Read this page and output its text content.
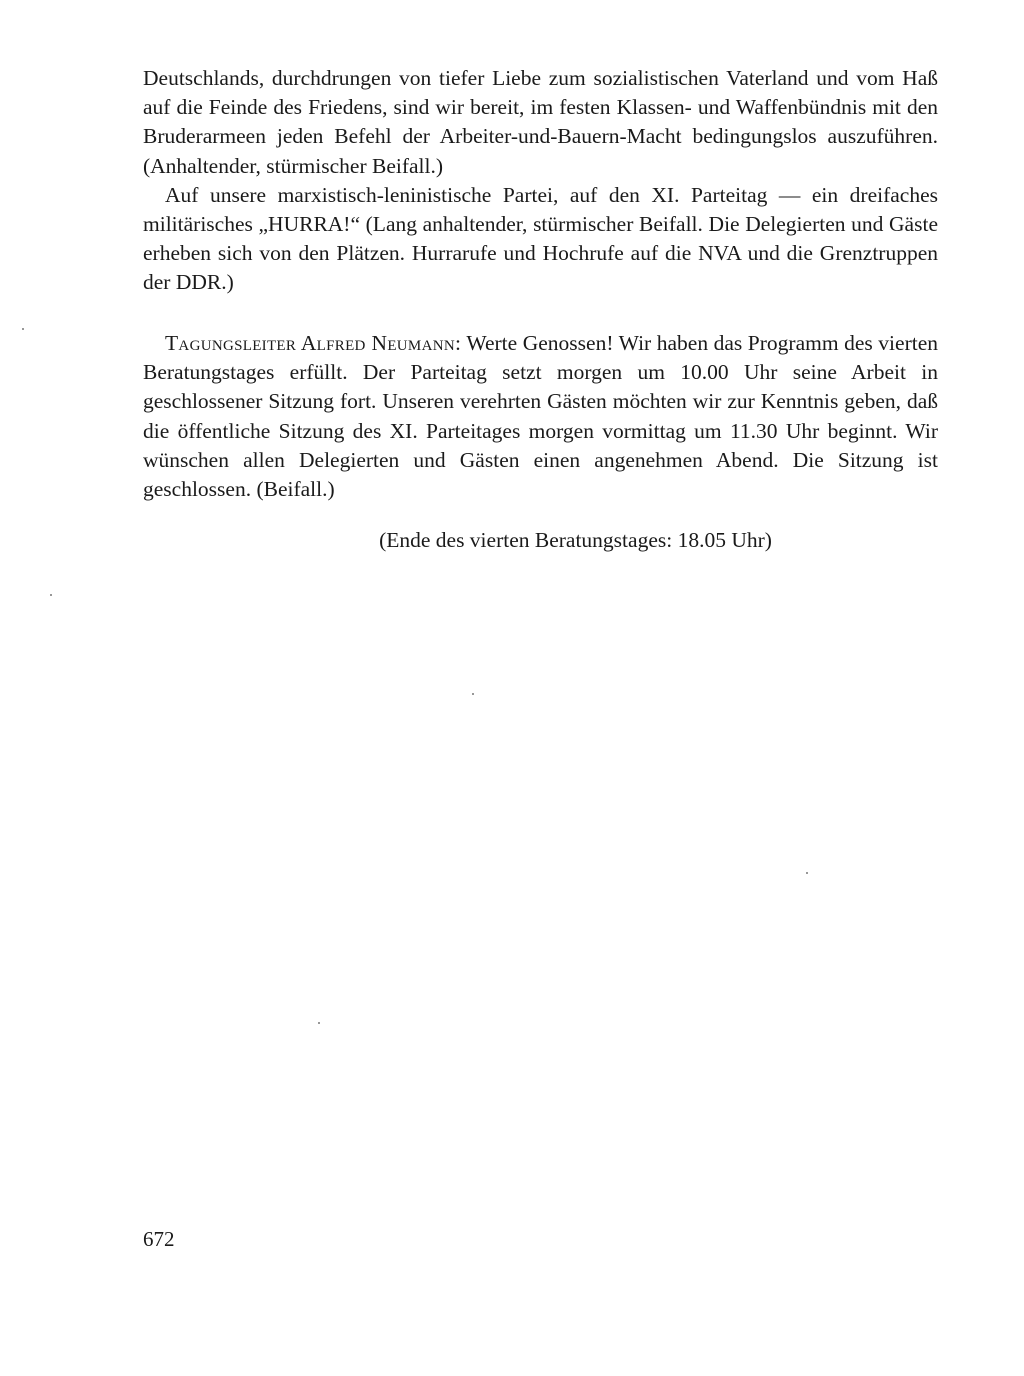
Deutschlands, durchdrungen von tiefer Liebe zum sozialistischen Vaterland und vom Haß auf die Feinde des Friedens, sind wir bereit, im festen Klassen- und Waffenbündnis mit den Bruderarmeen jeden Befehl der Arbeiter-und-Bauern-Macht bedingungslos auszuführen. (Anhaltender, stürmischer Beifall.)

Auf unsere marxistisch-leninistische Partei, auf den XI. Parteitag — ein dreifaches militärisches „HURRA!“ (Lang anhaltender, stürmischer Beifall. Die Delegierten und Gäste erheben sich von den Plätzen. Hurrarufe und Hochrufe auf die NVA und die Grenztruppen der DDR.)

Tagungsleiter Alfred Neumann: Werte Genossen! Wir haben das Programm des vierten Beratungstages erfüllt. Der Parteitag setzt morgen um 10.00 Uhr seine Arbeit in geschlossener Sitzung fort. Unseren verehrten Gästen möchten wir zur Kenntnis geben, daß die öffentliche Sitzung des XI. Parteitages morgen vormittag um 11.30 Uhr beginnt. Wir wünschen allen Delegierten und Gästen einen angenehmen Abend. Die Sitzung ist geschlossen. (Beifall.)

(Ende des vierten Beratungstages: 18.05 Uhr)
672
